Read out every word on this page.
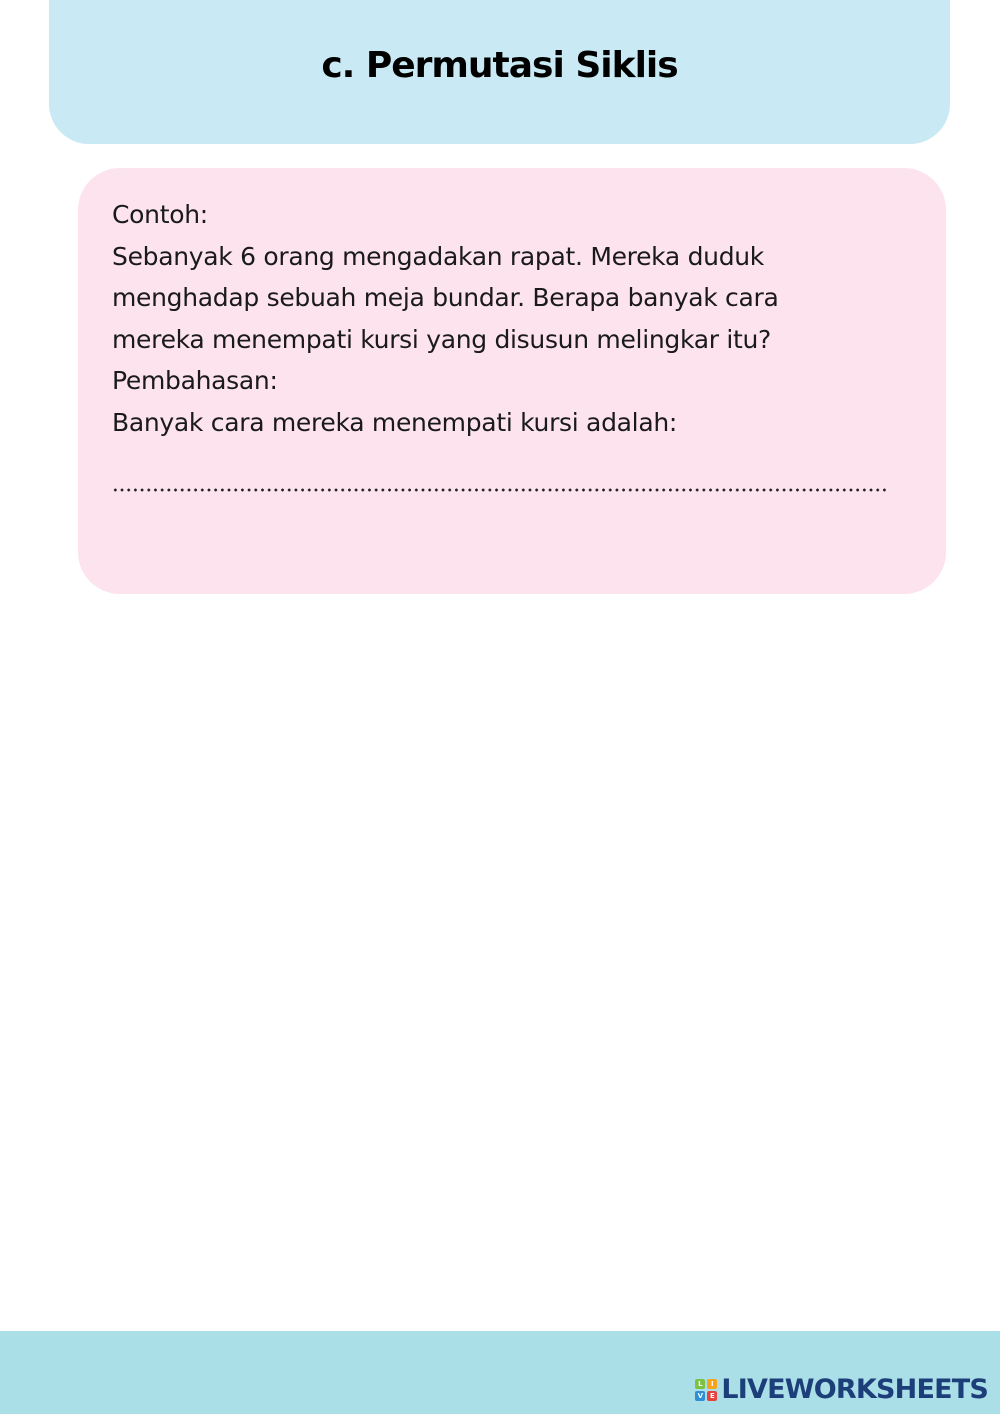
c. Permutasi Siklis

Contoh:

Sebanyak 6 orang mengadakan rapat. Mereka duduk

menghadap sebuah meja bundar. Berapa banyak cara

mereka menempati kursi yang disusun melingkar itu?

Pembahasan:

Banyak cara mereka menempati kursi adalah:

L	I
V E LIVEWORKSHEETS
